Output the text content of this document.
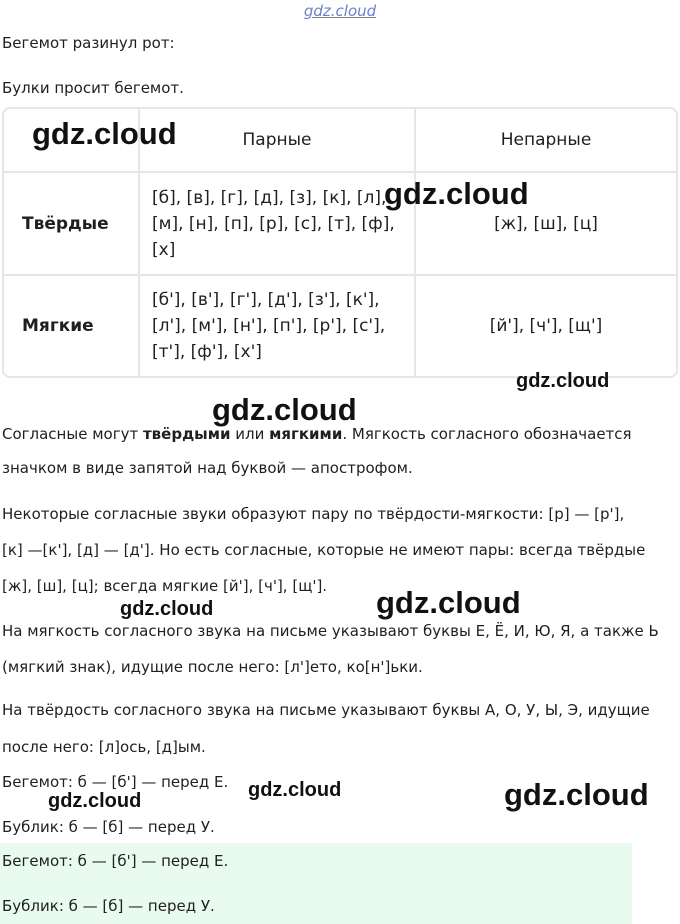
gdz.cloud
Бегемот разинул рот:
Булки просит бегемот.
	Парные	Непарные
Твёрдые	[б], [в], [г], [д], [з], [к], [л],
[м], [н], [п], [р], [с], [т], [ф],
[х]	[ж], [ш], [ц]
Мягкие	[б'], [в'], [г'], [д'], [з'], [к'],
[л'], [м'], [н'], [п'], [р'], [с'],
[т'], [ф'], [х']	[й'], [ч'], [щ']
Согласные могут твёрдыми или мягкими. Мягкость согласного обозначается
значком в виде запятой над буквой — апострофом.
Некоторые согласные звуки образуют пару по твёрдости-мягкости: [р] — [р'],
[к] —[к'], [д] — [д']. Но есть согласные, которые не имеют пары: всегда твёрдые
[ж], [ш], [ц]; всегда мягкие [й'], [ч'], [щ'].
На мягкость согласного звука на письме указывают буквы Е, Ё, И, Ю, Я, а также Ь
(мягкий знак), идущие после него: [л']ето, ко[н']ьки.
На твёрдость согласного звука на письме указывают буквы А, О, У, Ы, Э, идущие
после него: [л]ось, [д]ым.
Бегемот: б — [б'] — перед Е.
Бублик: б — [б] — перед У.
Бегемот: б — [б'] — перед Е.
Бублик: б — [б] — перед У.
gdz.cloud
gdz.cloud
gdz.cloud
gdz.cloud
gdz.cloud	gdz.cloud
gdz.cloud
gdz.cloud	gdz.cloud
